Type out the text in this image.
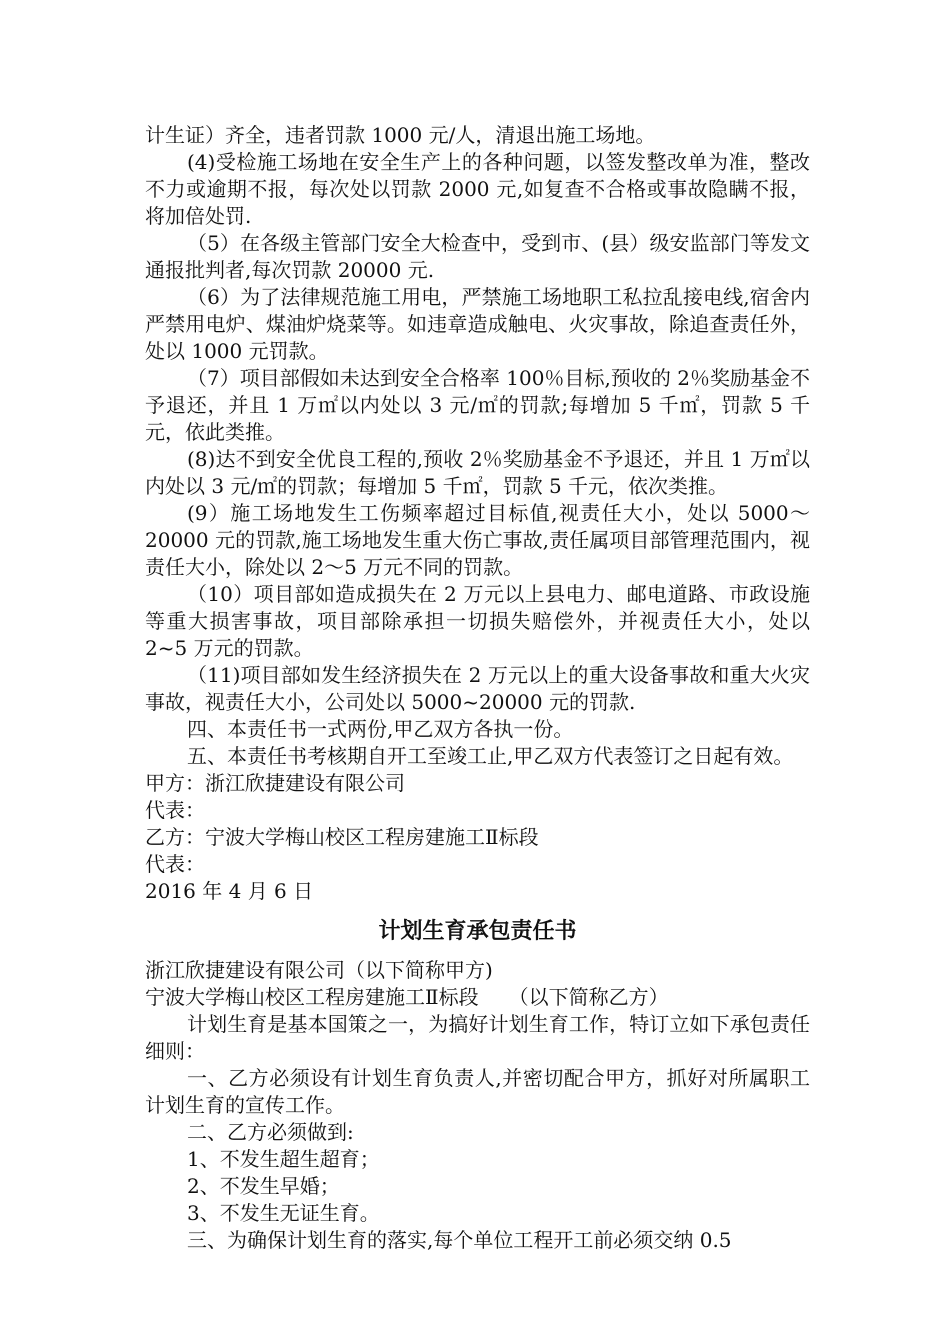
计生证）齐全，违者罚款 1000 元/人，清退出施工场地。

(4)受检施工场地在安全生产上的各种问题，以签发整改单为准，整改不力或逾期不报，每次处以罚款 2000 元,如复查不合格或事故隐瞒不报，将加倍处罚.

（5）在各级主管部门安全大检查中，受到市、(县）级安监部门等发文通报批判者,每次罚款 20000 元.

（6）为了法律规范施工用电，严禁施工场地职工私拉乱接电线,宿舍内严禁用电炉、煤油炉烧菜等。如违章造成触电、火灾事故，除追查责任外，处以 1000 元罚款。

（7）项目部假如未达到安全合格率 100％目标,预收的 2％奖励基金不予退还，并且 1 万㎡以内处以 3 元/㎡的罚款;每增加 5 千㎡，罚款 5 千元，依此类推。

(8)达不到安全优良工程的,预收 2％奖励基金不予退还，并且 1 万㎡以内处以 3 元/㎡的罚款；每增加 5 千㎡，罚款 5 千元，依次类推。

(9）施工场地发生工伤频率超过目标值,视责任大小，处以 5000～20000 元的罚款,施工场地发生重大伤亡事故,责任属项目部管理范围内，视责任大小，除处以 2～5 万元不同的罚款。

（10）项目部如造成损失在 2 万元以上县电力、邮电道路、市政设施等重大损害事故，项目部除承担一切损失赔偿外，并视责任大小，处以 2~5 万元的罚款。

（11)项目部如发生经济损失在 2 万元以上的重大设备事故和重大火灾事故，视责任大小，公司处以 5000~20000 元的罚款.

四、本责任书一式两份,甲乙双方各执一份。

五、本责任书考核期自开工至竣工止,甲乙双方代表签订之日起有效。

甲方：浙江欣捷建设有限公司

代表：

乙方：宁波大学梅山校区工程房建施工Ⅱ标段

代表：

2016 年 4 月 6 日

计划生育承包责任书

浙江欣捷建设有限公司（以下简称甲方)

宁波大学梅山校区工程房建施工Ⅱ标段　　（以下简称乙方）

计划生育是基本国策之一，为搞好计划生育工作，特订立如下承包责任细则：

一、乙方必须设有计划生育负责人,并密切配合甲方，抓好对所属职工计划生育的宣传工作。

二、乙方必须做到:

1、不发生超生超育；

2、不发生早婚；

3、不发生无证生育。

三、为确保计划生育的落实,每个单位工程开工前必须交纳 0.5
